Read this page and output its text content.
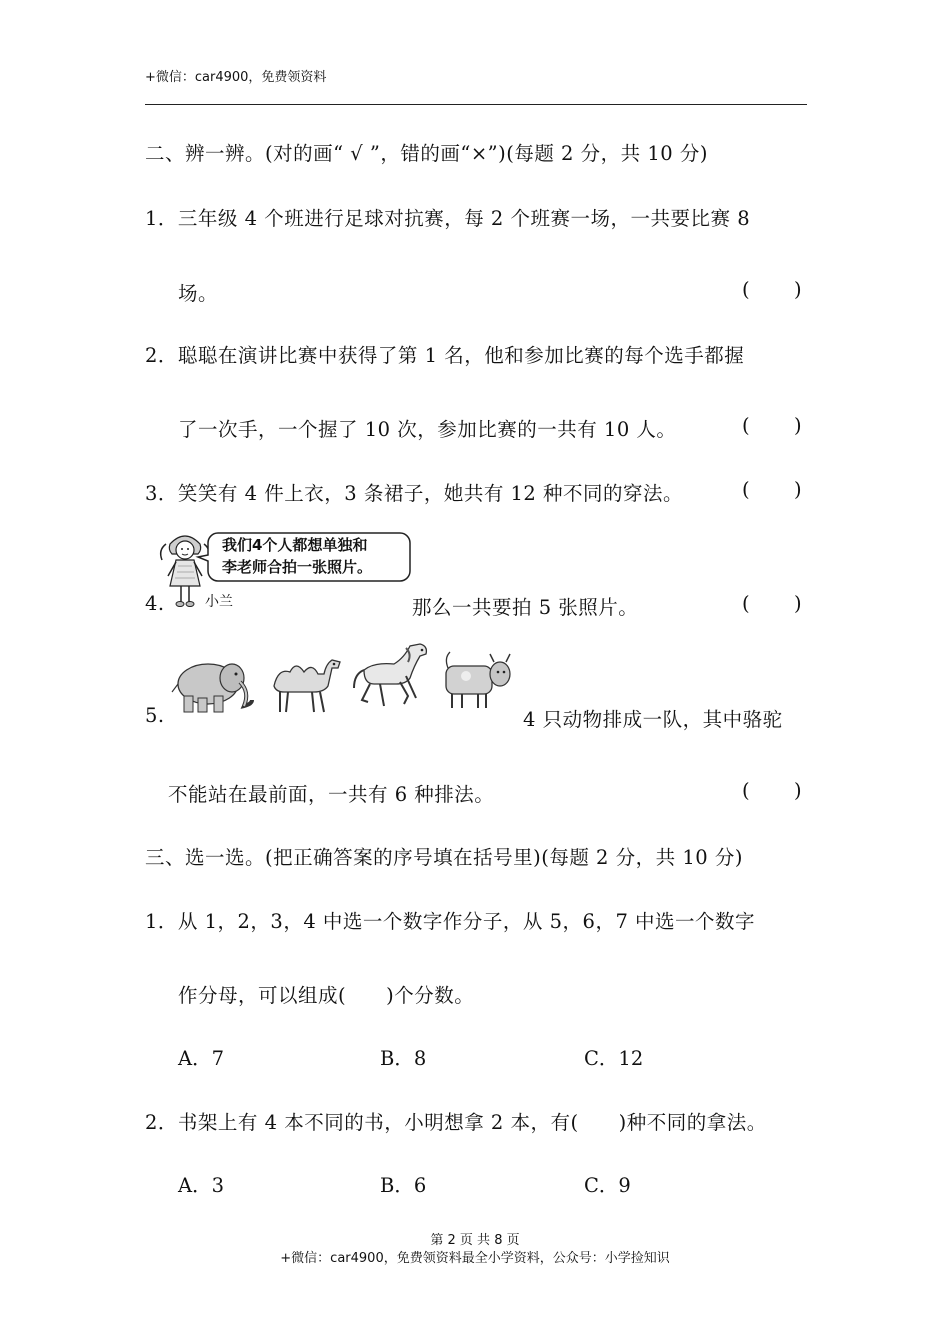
+微信：car4900，免费领资料
二、辨一辨。(对的画“ √ ”，错的画“×”)(每题 2 分，共 10 分)
1．三年级 4 个班进行足球对抗赛，每 2 个班赛一场，一共要比赛 8
场。	( )
2．聪聪在演讲比赛中获得了第 1 名，他和参加比赛的每个选手都握
了一次手，一个握了 10 次，参加比赛的一共有 10 人。	( )
3．笑笑有 4 件上衣，3 条裙子，她共有 12 种不同的穿法。	( )
4.	小兰
我们4个人都想单独和
李老师合拍一张照片。
那么一共要拍 5 张照片。	( )
5.	4 只动物排成一队，其中骆驼
不能站在最前面，一共有 6 种排法。	( )
三、选一选。(把正确答案的序号填在括号里)(每题 2 分，共 10 分)
1．从 1，2，3，4 中选一个数字作分子，从 5，6，7 中选一个数字
作分母，可以组成(　　)个分数。
A．7	B．8	C．12
2．书架上有 4 本不同的书，小明想拿 2 本，有(　　)种不同的拿法。
A．3	B．6	C．9
第 2 页 共 8 页
+微信：car4900，免费领资料最全小学资料，公众号：小学捡知识
